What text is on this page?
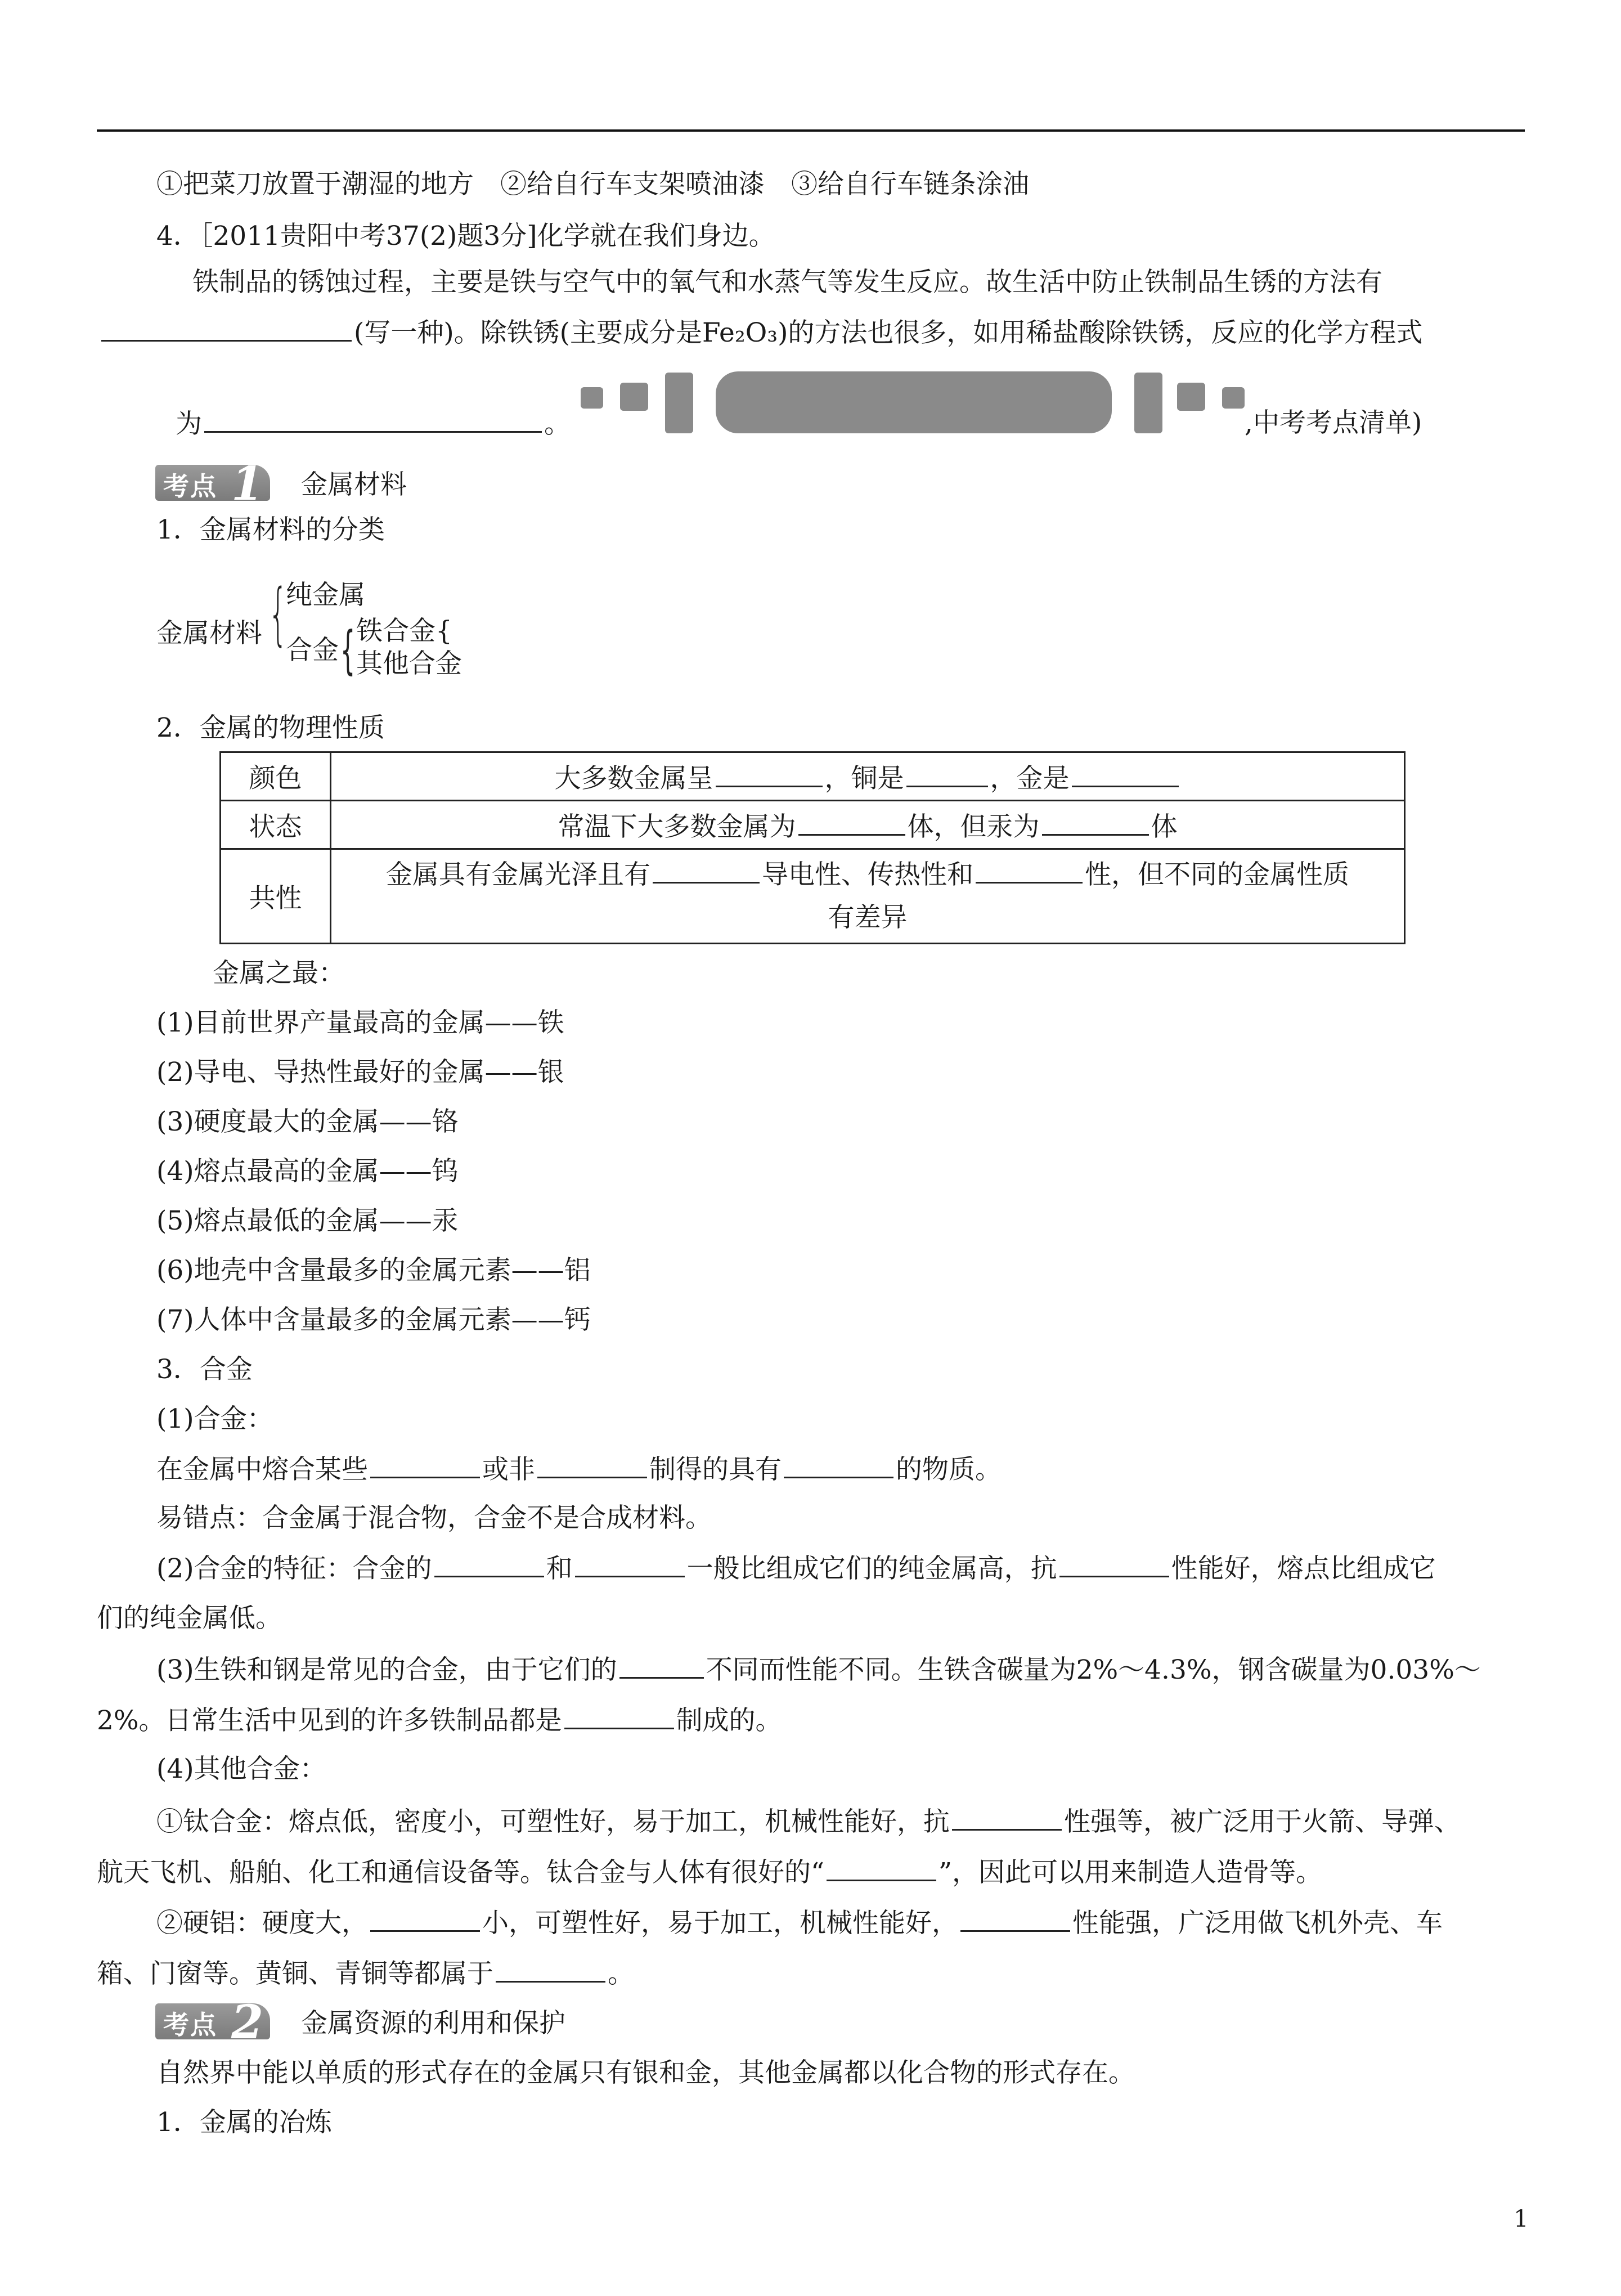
①把菜刀放置于潮湿的地方　②给自行车支架喷油漆　③给自行车链条涂油
4．［2011贵阳中考37(2)题3分]化学就在我们身边。
铁制品的锈蚀过程，主要是铁与空气中的氧气和水蒸气等发生反应。故生活中防止铁制品生锈的方法有
(写一种)。除铁锈(主要成分是Fe₂O₃)的方法也很多，如用稀盐酸除铁锈，反应的化学方程式
为	。	,中考考点清单)
考点 1 金属材料
1．金属材料的分类
金属材料 {
纯金属
合金 { 铁合金{
其他合金
2．金属的物理性质
颜色	大多数金属呈 ，铜是 ，金是
状态	常温下大多数金属为 体，但汞为 体
共性	金属具有金属光泽且有 导电性、传热性和 性，但不同的金属性质
有差异
金属之最：
(1)目前世界产量最高的金属——铁
(2)导电、导热性最好的金属——银
(3)硬度最大的金属——铬
(4)熔点最高的金属——钨
(5)熔点最低的金属——汞
(6)地壳中含量最多的金属元素——铝
(7)人体中含量最多的金属元素——钙
3．合金
(1)合金：
在金属中熔合某些	或非	制得的具有	的物质。
易错点：合金属于混合物，合金不是合成材料。
(2)合金的特征：合金的	和	一般比组成它们的纯金属高，抗	性能好，熔点比组成它
们的纯金属低。
(3)生铁和钢是常见的合金，由于它们的	不同而性能不同。生铁含碳量为2%～4.3%，钢含碳量为0.03%～
2%。日常生活中见到的许多铁制品都是	制成的。
(4)其他合金：
①钛合金：熔点低，密度小，可塑性好，易于加工，机械性能好，抗	性强等，被广泛用于火箭、导弹、
航天飞机、船舶、化工和通信设备等。钛合金与人体有很好的“	”，因此可以用来制造人造骨等。
②硬铝：硬度大，	小，可塑性好，易于加工，机械性能好，	性能强，广泛用做飞机外壳、车
箱、门窗等。黄铜、青铜等都属于	。
考点 2 金属资源的利用和保护
自然界中能以单质的形式存在的金属只有银和金，其他金属都以化合物的形式存在。
1．金属的冶炼
1
